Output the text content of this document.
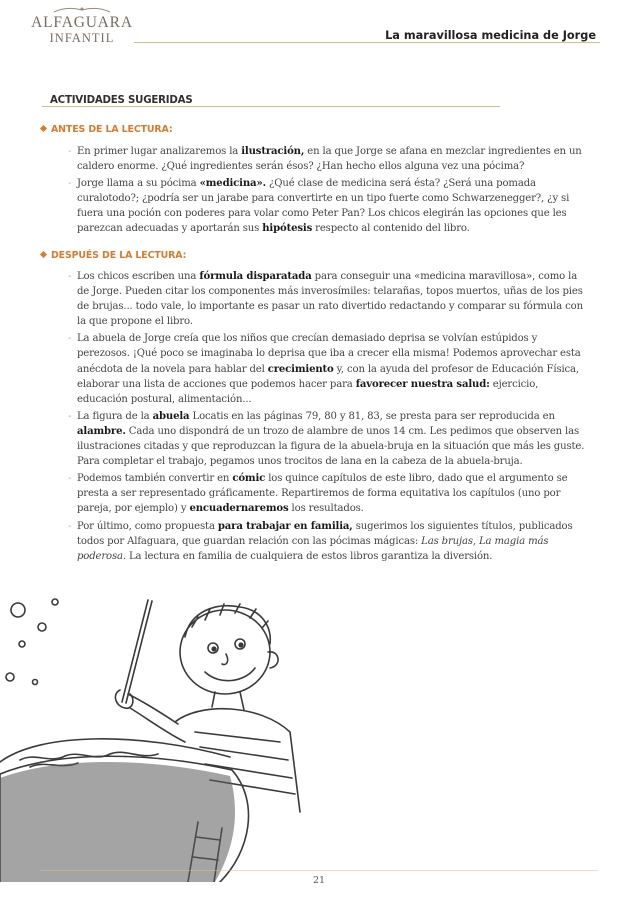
ALFAGUARA
INFANTIL	La maravillosa medicina de Jorge
ACTIVIDADES SUGERIDAS
ANTES DE LA LECTURA:
- En primer lugar analizaremos la ilustración, en la que Jorge se afana en mezclar ingredientes en un caldero enorme. ¿Qué ingredientes serán ésos? ¿Han hecho ellos alguna vez una pócima?
- Jorge llama a su pócima «medicina». ¿Qué clase de medicina será ésta? ¿Será una pomada curalotodo?; ¿podría ser un jarabe para convertirte en un tipo fuerte como Schwarzenegger?, ¿y si fuera una poción con poderes para volar como Peter Pan? Los chicos elegirán las opciones que les parezcan adecuadas y aportarán sus hipótesis respecto al contenido del libro.
DESPUÉS DE LA LECTURA:
- Los chicos escriben una fórmula disparatada para conseguir una «medicina maravillosa», como la de Jorge. Pueden citar los componentes más inverosímiles: telarañas, topos muertos, uñas de los pies de brujas... todo vale, lo importante es pasar un rato divertido redactando y comparar su fórmula con la que propone el libro.
- La abuela de Jorge creía que los niños que crecían demasiado deprisa se volvían estúpidos y perezosos. ¡Qué poco se imaginaba lo deprisa que iba a crecer ella misma! Podemos aprovechar esta anécdota de la novela para hablar del crecimiento y, con la ayuda del profesor de Educación Física, elaborar una lista de acciones que podemos hacer para favorecer nuestra salud: ejercicio, educación postural, alimentación...
- La figura de la abuela Locatis en las páginas 79, 80 y 81, 83, se presta para ser reproducida en alambre. Cada uno dispondrá de un trozo de alambre de unos 14 cm. Les pedimos que observen las ilustraciones citadas y que reproduzcan la figura de la abuela-bruja en la situación que más les guste. Para completar el trabajo, pegamos unos trocitos de lana en la cabeza de la abuela-bruja.
- Podemos también convertir en cómic los quince capítulos de este libro, dado que el argumento se presta a ser representado gráficamente. Repartiremos de forma equitativa los capítulos (uno por pareja, por ejemplo) y encuadernaremos los resultados.
- Por último, como propuesta para trabajar en familia, sugerimos los siguientes títulos, publicados todos por Alfaguara, que guardan relación con las pócimas mágicas: Las brujas, La magia más poderosa. La lectura en familia de cualquiera de estos libros garantiza la diversión.
21
